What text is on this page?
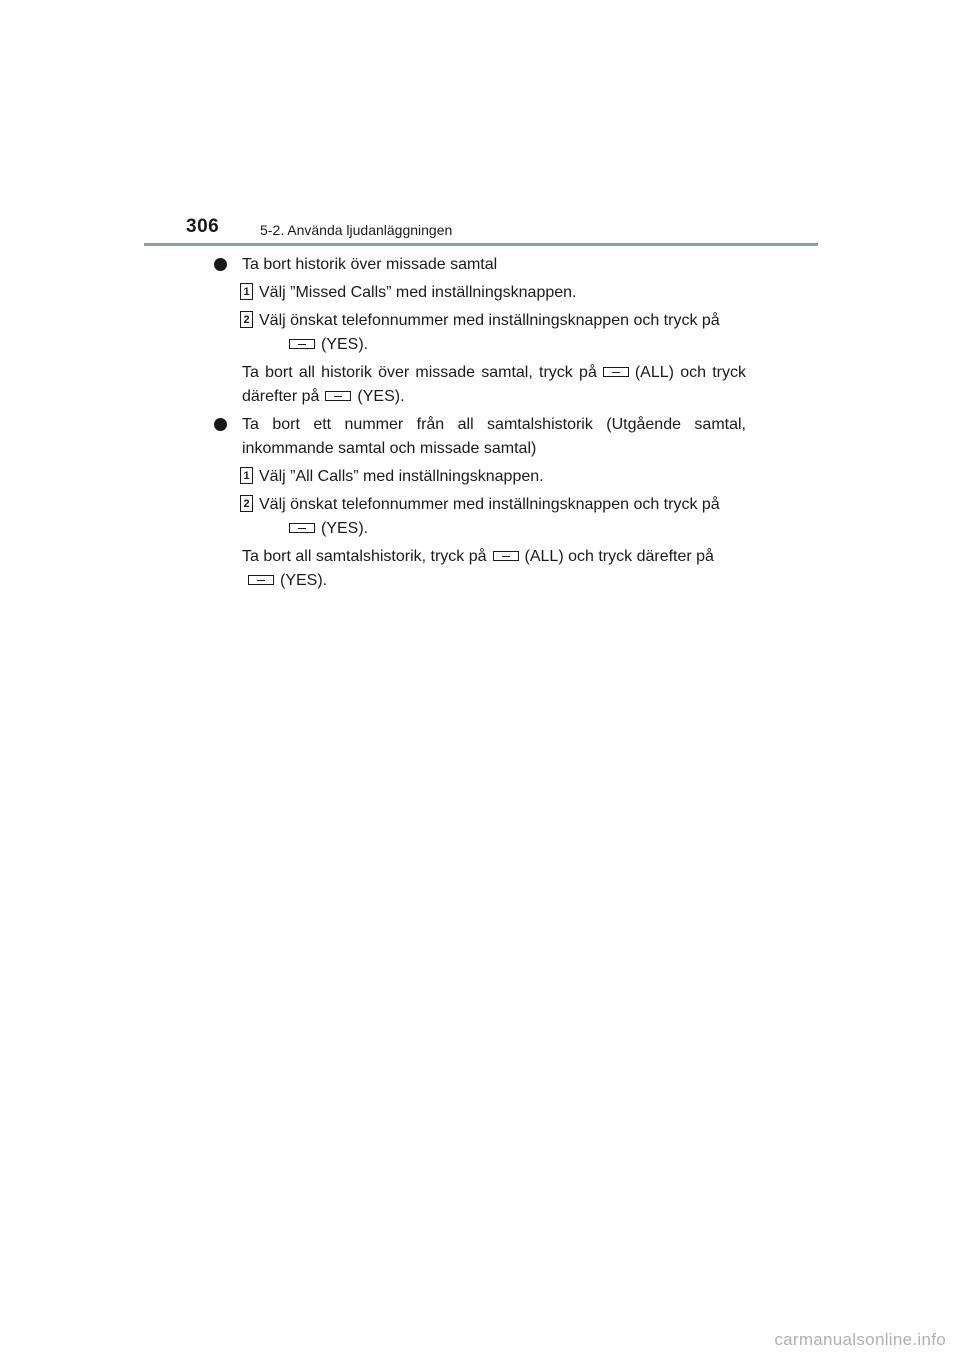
306	5-2. Använda ljudanläggningen
Ta bort historik över missade samtal
1 Välj ”Missed Calls” med inställningsknappen.
2 Välj önskat telefonnummer med inställningsknappen och tryck på
(YES).
Ta bort all historik över missade samtal, tryck på (ALL) och tryck därefter på (YES).
Ta bort ett nummer från all samtalshistorik (Utgående samtal, inkommande samtal och missade samtal)
1 Välj ”All Calls” med inställningsknappen.
2 Välj önskat telefonnummer med inställningsknappen och tryck på
(YES).
Ta bort all samtalshistorik, tryck på (ALL) och tryck därefter på
(YES).
carmanualsonline.info
